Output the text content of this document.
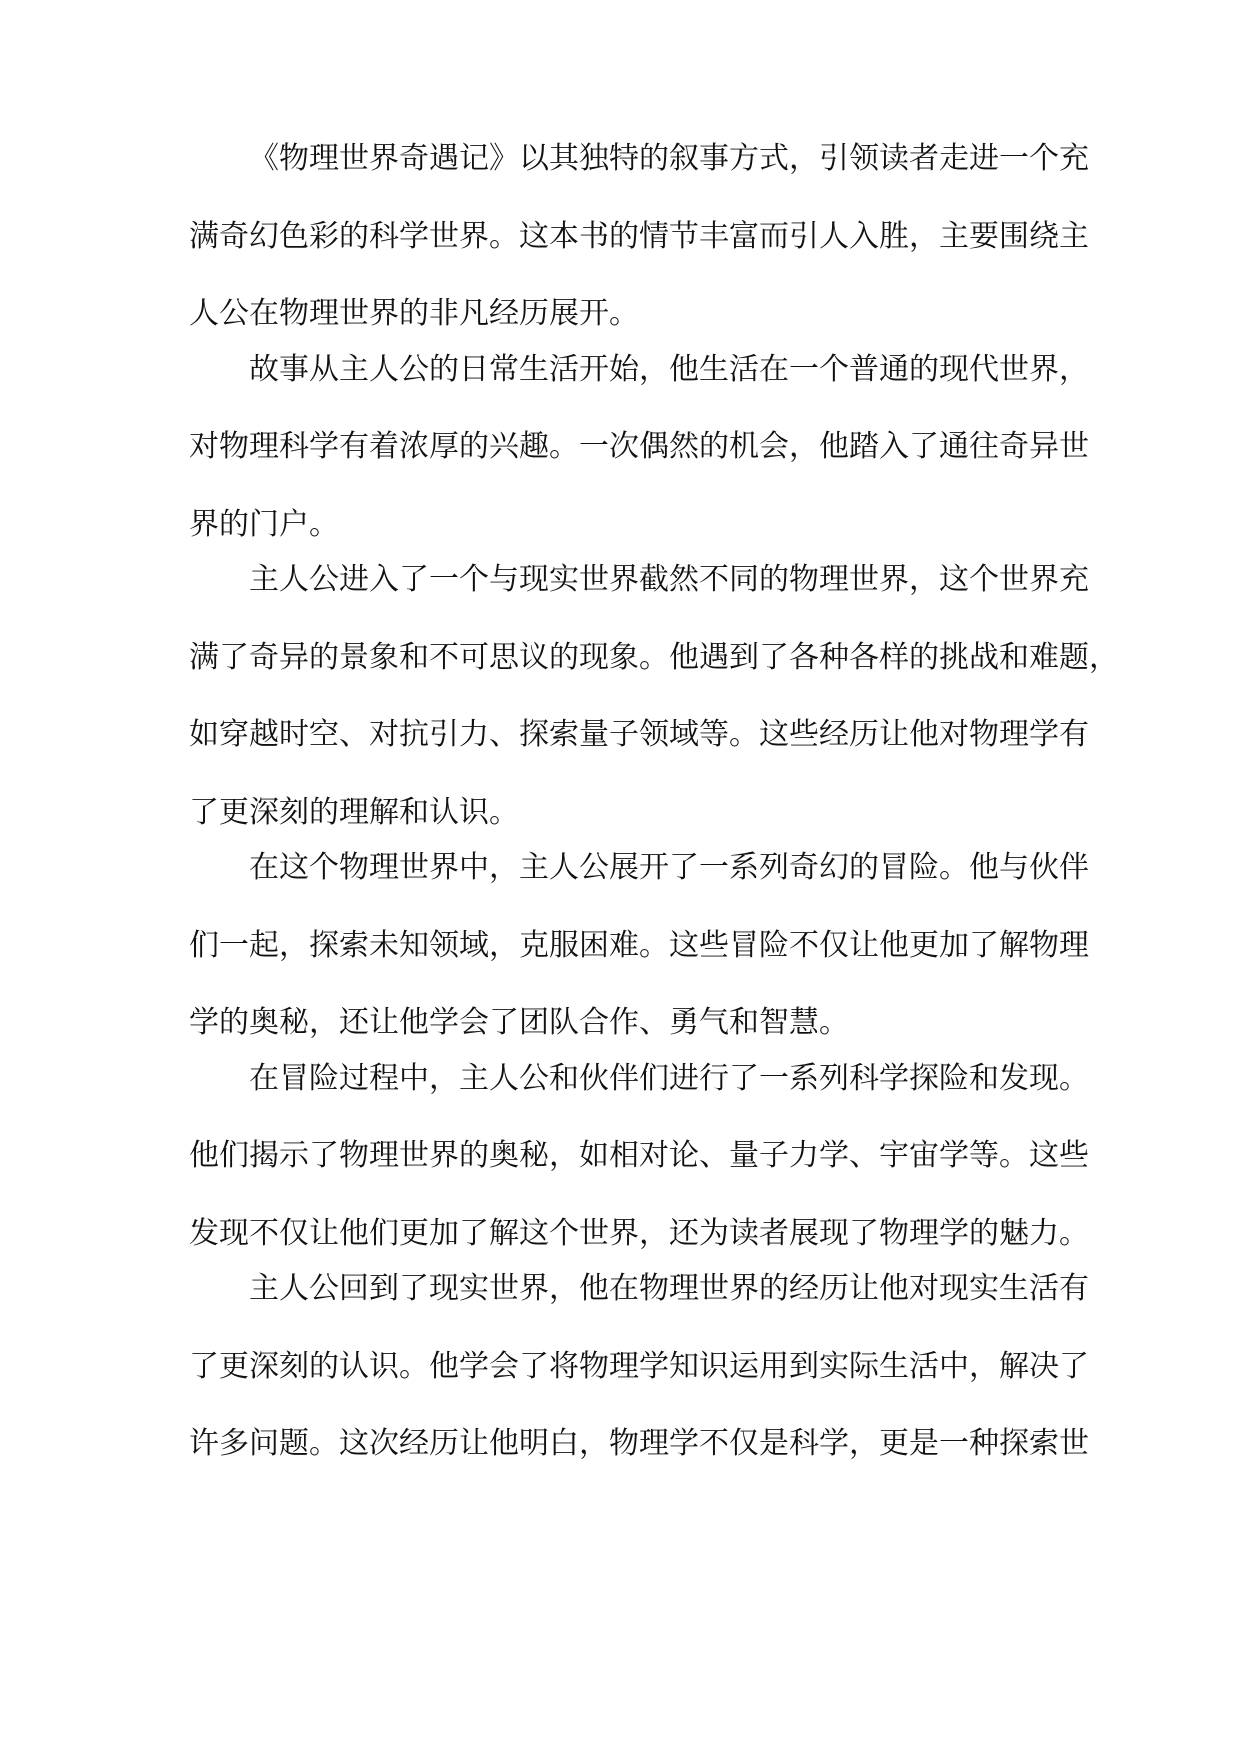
《物理世界奇遇记》以其独特的叙事方式，引领读者走进一个充
满奇幻色彩的科学世界。这本书的情节丰富而引人入胜，主要围绕主
人公在物理世界的非凡经历展开。
故事从主人公的日常生活开始，他生活在一个普通的现代世界，
对物理科学有着浓厚的兴趣。一次偶然的机会，他踏入了通往奇异世
界的门户。
主人公进入了一个与现实世界截然不同的物理世界，这个世界充
满了奇异的景象和不可思议的现象。他遇到了各种各样的挑战和难题，
如穿越时空、对抗引力、探索量子领域等。这些经历让他对物理学有
了更深刻的理解和认识。
在这个物理世界中，主人公展开了一系列奇幻的冒险。他与伙伴
们一起，探索未知领域，克服困难。这些冒险不仅让他更加了解物理
学的奥秘，还让他学会了团队合作、勇气和智慧。
在冒险过程中，主人公和伙伴们进行了一系列科学探险和发现。
他们揭示了物理世界的奥秘，如相对论、量子力学、宇宙学等。这些
发现不仅让他们更加了解这个世界，还为读者展现了物理学的魅力。
主人公回到了现实世界，他在物理世界的经历让他对现实生活有
了更深刻的认识。他学会了将物理学知识运用到实际生活中，解决了
许多问题。这次经历让他明白，物理学不仅是科学，更是一种探索世
